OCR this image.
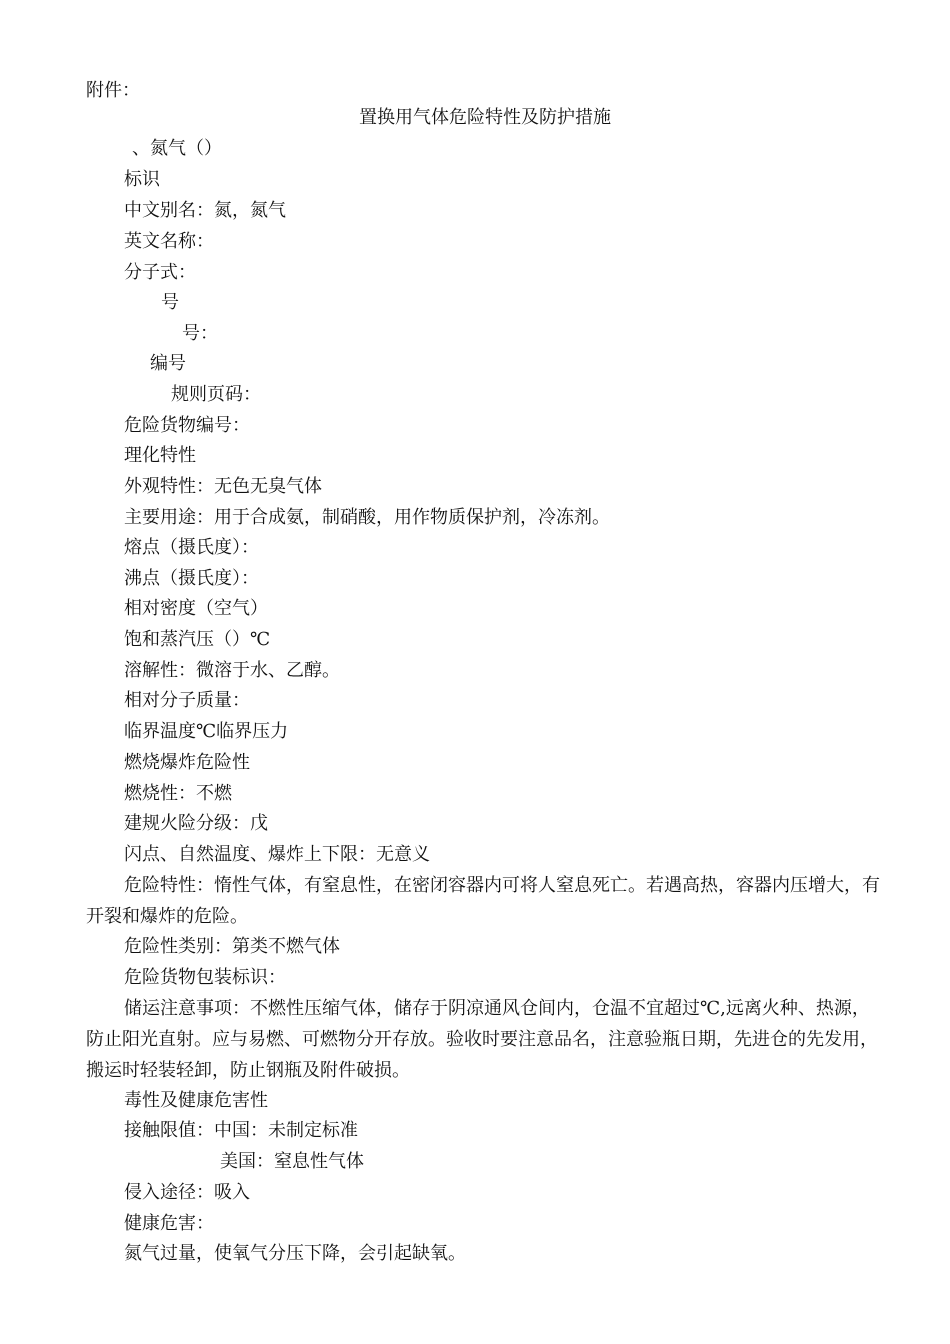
附件：
置换用气体危险特性及防护措施
、氮气（）
标识
中文别名：氮，氮气
英文名称：
分子式：
号
号：
编号
规则页码：
危险货物编号：
理化特性
外观特性：无色无臭气体
主要用途：用于合成氨，制硝酸，用作物质保护剂，冷冻剂。
熔点（摄氏度）：
沸点（摄氏度）：
相对密度（空气）
饱和蒸汽压（）℃
溶解性：微溶于水、乙醇。
相对分子质量：
临界温度℃临界压力
燃烧爆炸危险性
燃烧性：不燃
建规火险分级：戊
闪点、自然温度、爆炸上下限：无意义
危险特性：惰性气体，有窒息性，在密闭容器内可将人窒息死亡。若遇高热，容器内压增大，有开裂和爆炸的危险。
危险性类别：第类不燃气体
危险货物包装标识：
储运注意事项：不燃性压缩气体，储存于阴凉通风仓间内，仓温不宜超过℃,远离火种、热源，防止阳光直射。应与易燃、可燃物分开存放。验收时要注意品名，注意验瓶日期，先进仓的先发用，搬运时轻装轻卸，防止钢瓶及附件破损。
毒性及健康危害性
接触限值：中国：未制定标准
美国：窒息性气体
侵入途径：吸入
健康危害：
氮气过量，使氧气分压下降，会引起缺氧。
